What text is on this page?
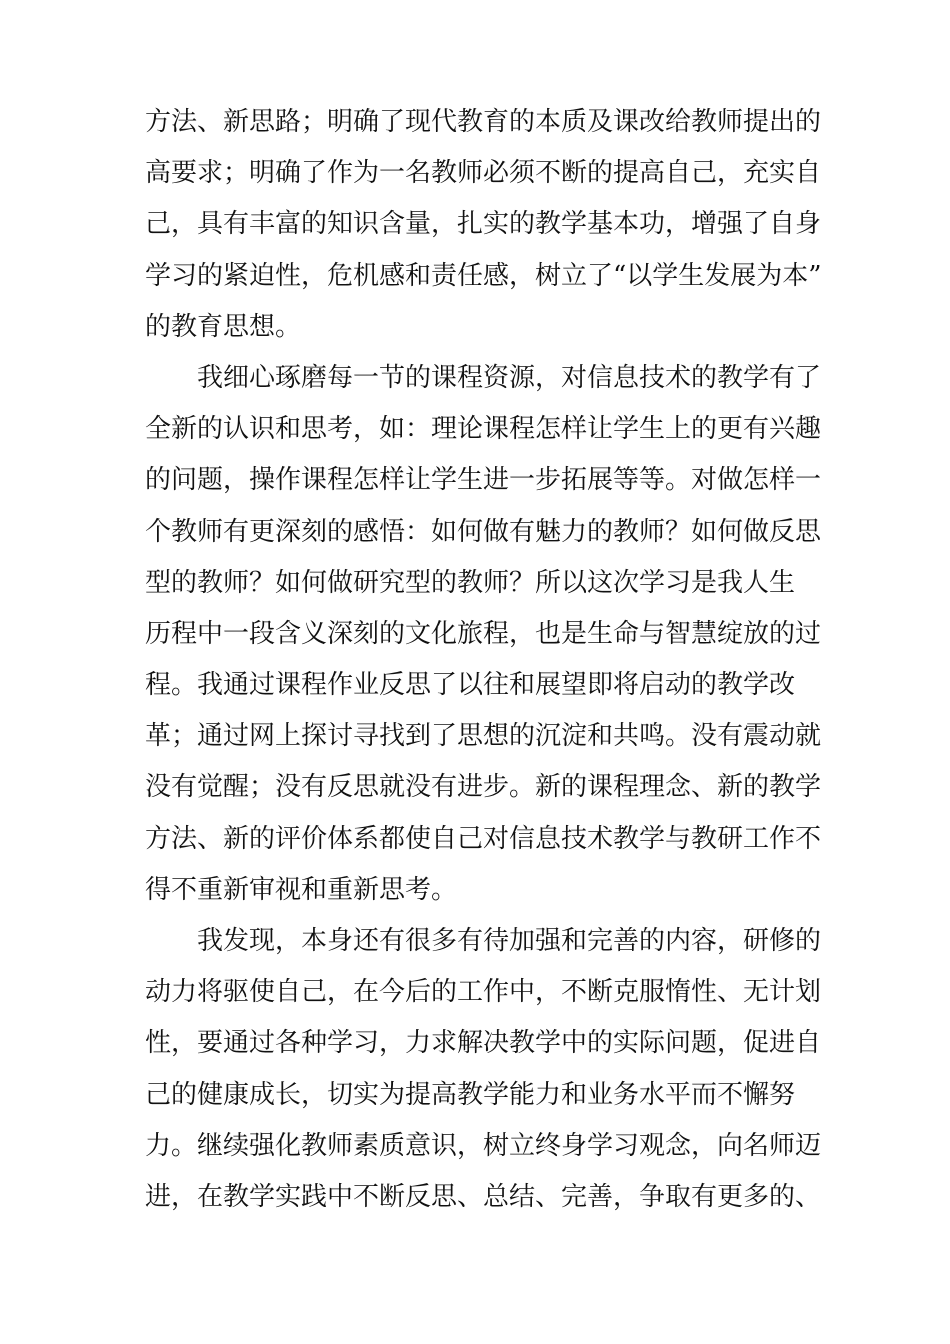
方法、新思路；明确了现代教育的本质及课改给教师提出的
高要求；明确了作为一名教师必须不断的提高自己，充实自
己，具有丰富的知识含量，扎实的教学基本功，增强了自身
学习的紧迫性，危机感和责任感，树立了“以学生发展为本”
的教育思想。
我细心琢磨每一节的课程资源，对信息技术的教学有了
全新的认识和思考，如：理论课程怎样让学生上的更有兴趣
的问题，操作课程怎样让学生进一步拓展等等。对做怎样一
个教师有更深刻的感悟：如何做有魅力的教师？如何做反思
型的教师？如何做研究型的教师？所以这次学习是我人生
历程中一段含义深刻的文化旅程，也是生命与智慧绽放的过
程。我通过课程作业反思了以往和展望即将启动的教学改
革；通过网上探讨寻找到了思想的沉淀和共鸣。没有震动就
没有觉醒；没有反思就没有进步。新的课程理念、新的教学
方法、新的评价体系都使自己对信息技术教学与教研工作不
得不重新审视和重新思考。
我发现，本身还有很多有待加强和完善的内容，研修的
动力将驱使自己，在今后的工作中，不断克服惰性、无计划
性，要通过各种学习，力求解决教学中的实际问题，促进自
己的健康成长，切实为提高教学能力和业务水平而不懈努
力。继续强化教师素质意识，树立终身学习观念，向名师迈
进，在教学实践中不断反思、总结、完善，争取有更多的、
